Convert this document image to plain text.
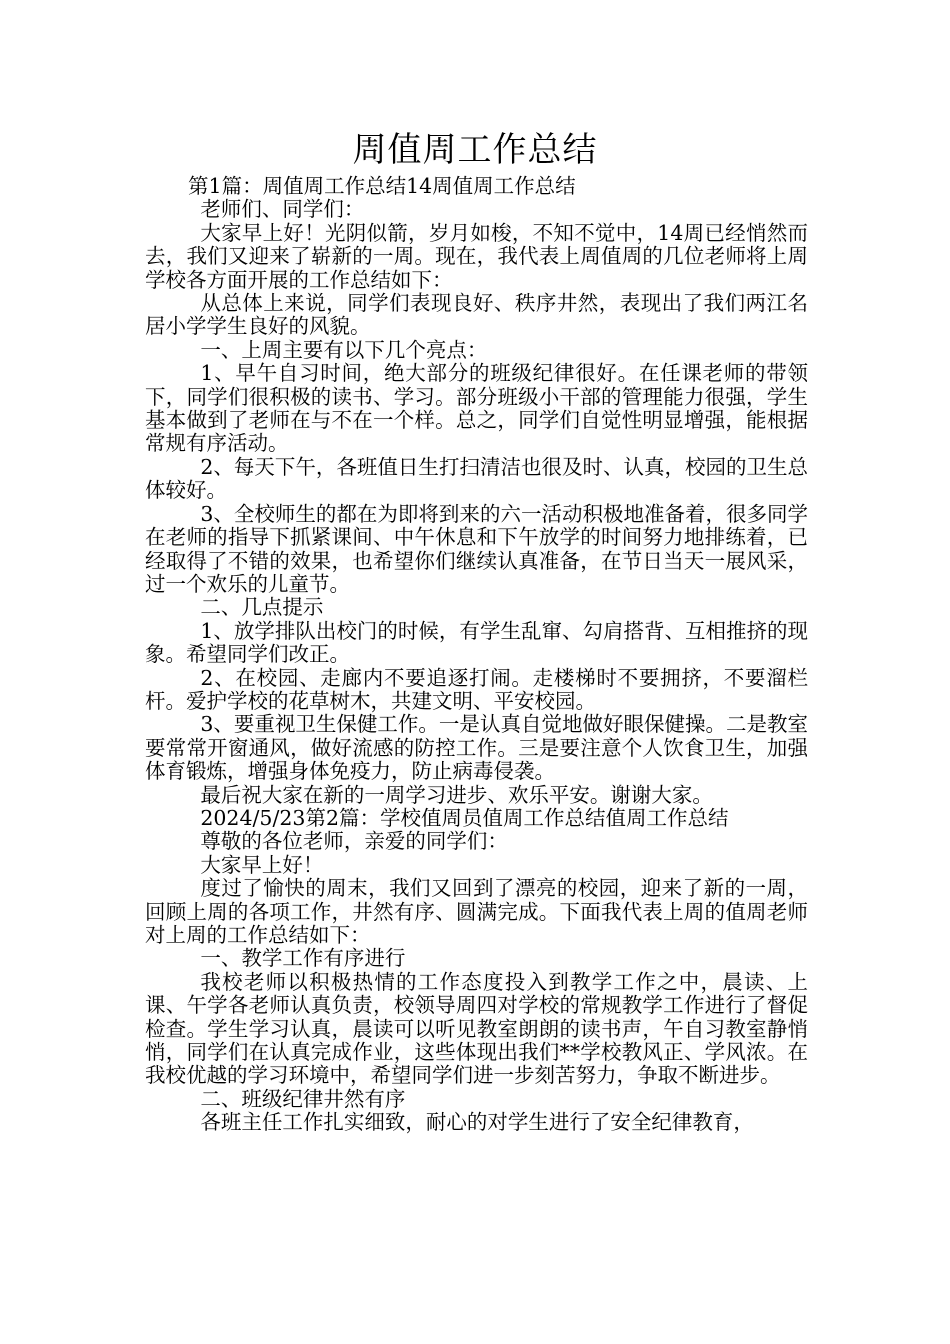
周值周工作总结

第1篇：周值周工作总结14周值周工作总结

老师们、同学们：

大家早上好！光阴似箭，岁月如梭，不知不觉中，14周已经悄然而去，我们又迎来了崭新的一周。现在，我代表上周值周的几位老师将上周学校各方面开展的工作总结如下：

从总体上来说，同学们表现良好、秩序井然，表现出了我们两江名居小学学生良好的风貌。

一、上周主要有以下几个亮点：

1、早午自习时间，绝大部分的班级纪律很好。在任课老师的带领下，同学们很积极的读书、学习。部分班级小干部的管理能力很强，学生基本做到了老师在与不在一个样。总之，同学们自觉性明显增强，能根据常规有序活动。

2、每天下午，各班值日生打扫清洁也很及时、认真，校园的卫生总体较好。

3、全校师生的都在为即将到来的六一活动积极地准备着，很多同学在老师的指导下抓紧课间、中午休息和下午放学的时间努力地排练着，已经取得了不错的效果，也希望你们继续认真准备，在节日当天一展风采，过一个欢乐的儿童节。

二、几点提示

1、放学排队出校门的时候，有学生乱窜、勾肩搭背、互相推挤的现象。希望同学们改正。

2、在校园、走廊内不要追逐打闹。走楼梯时不要拥挤，不要溜栏杆。爱护学校的花草树木，共建文明、平安校园。

3、要重视卫生保健工作。一是认真自觉地做好眼保健操。二是教室要常常开窗通风，做好流感的防控工作。三是要注意个人饮食卫生，加强体育锻炼，增强身体免疫力，防止病毒侵袭。

最后祝大家在新的一周学习进步、欢乐平安。谢谢大家。

2024/5/23第2篇：学校值周员值周工作总结值周工作总结

尊敬的各位老师，亲爱的同学们：

大家早上好！

度过了愉快的周末，我们又回到了漂亮的校园，迎来了新的一周，回顾上周的各项工作，井然有序、圆满完成。下面我代表上周的值周老师对上周的工作总结如下：

一、教学工作有序进行

我校老师以积极热情的工作态度投入到教学工作之中，晨读、上课、午学各老师认真负责，校领导周四对学校的常规教学工作进行了督促检查。学生学习认真，晨读可以听见教室朗朗的读书声，午自习教室静悄悄，同学们在认真完成作业，这些体现出我们**学校教风正、学风浓。在我校优越的学习环境中，希望同学们进一步刻苦努力，争取不断进步。

二、班级纪律井然有序

各班主任工作扎实细致，耐心的对学生进行了安全纪律教育，
